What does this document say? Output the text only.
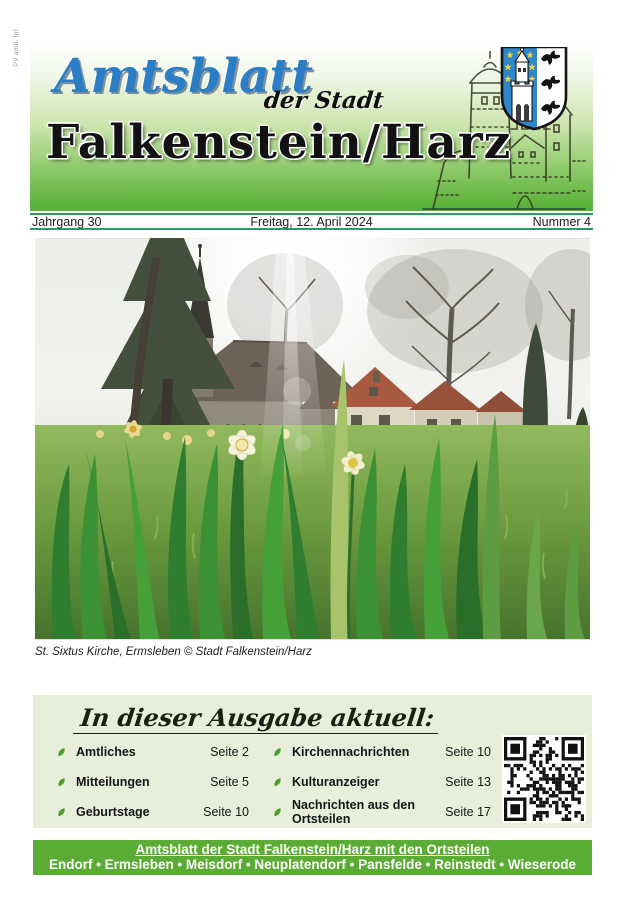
PV amtl. Inf.
Amtsblatt
der Stadt
Falkenstein/Harz
Jahrgang 30	Freitag, 12. April 2024	Nummer 4
St. Sixtus Kirche, Ermsleben © Stadt Falkenstein/Harz
In dieser Ausgabe aktuell:
Amtliches	Seite 2	Kirchennachrichten	Seite 10
Mitteilungen	Seite 5	Kulturanzeiger	Seite 13
Geburtstage	Seite 10	Nachrichten aus den Ortsteilen	Seite 17
Amtsblatt der Stadt Falkenstein/Harz mit den Ortsteilen
Endorf • Ermsleben • Meisdorf • Neuplatendorf • Pansfelde • Reinstedt • Wieserode
